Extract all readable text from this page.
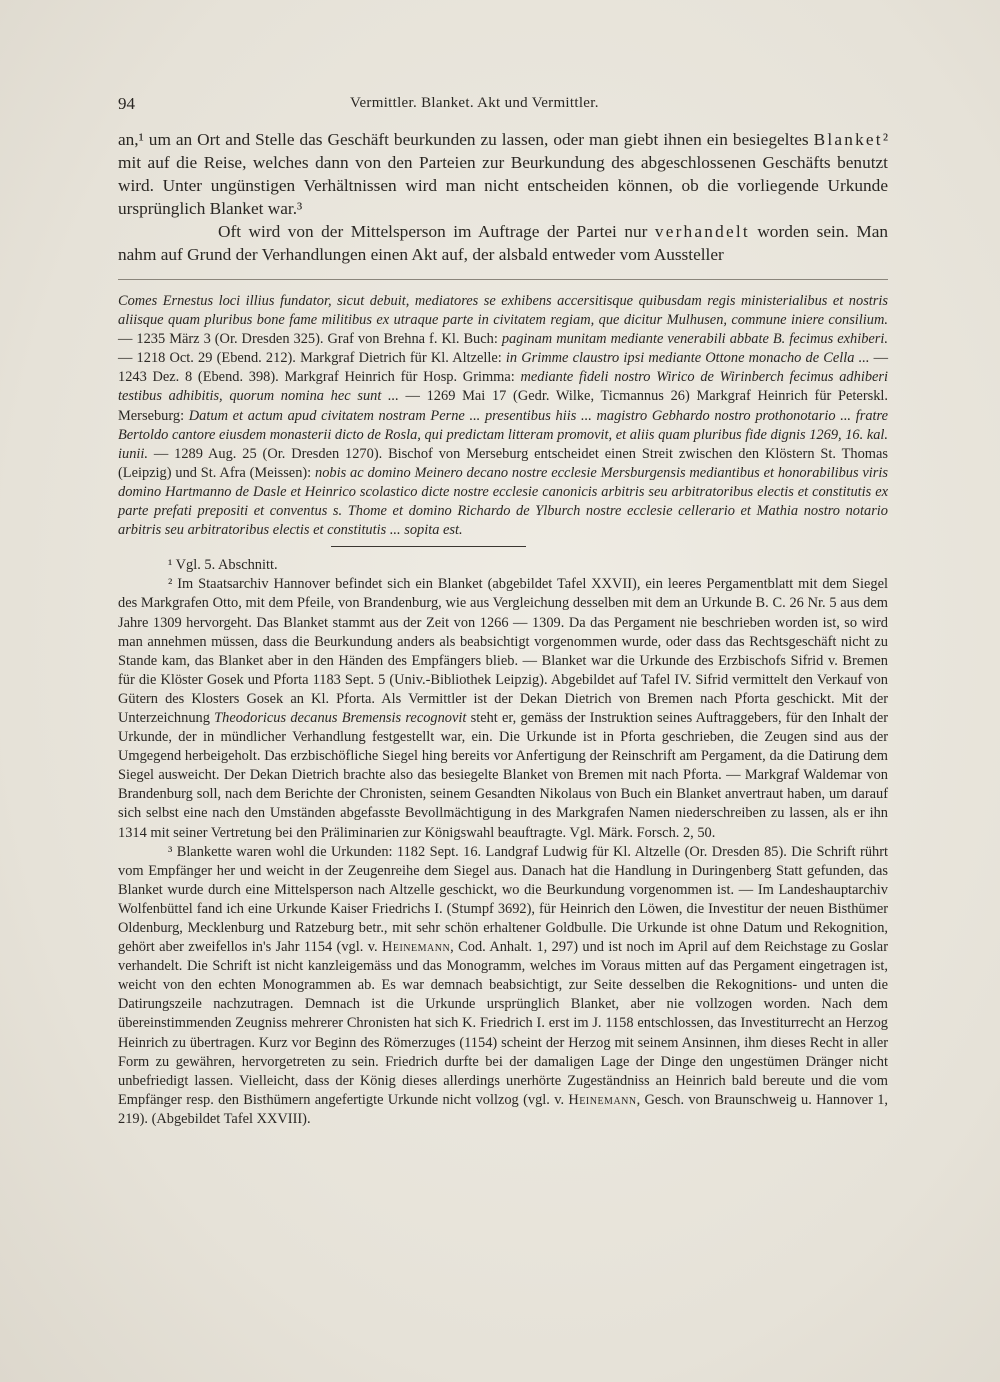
94	Vermittler. Blanket. Akt und Vermittler.

an,¹ um an Ort and Stelle das Geschäft beurkunden zu lassen, oder man giebt ihnen ein besiegeltes Blanket² mit auf die Reise, welches dann von den Parteien zur Beurkundung des abgeschlossenen Geschäfts benutzt wird. Unter ungünstigen Verhältnissen wird man nicht entscheiden können, ob die vorliegende Urkunde ursprünglich Blanket war.³

Oft wird von der Mittelsperson im Auftrage der Partei nur verhandelt worden sein. Man nahm auf Grund der Verhandlungen einen Akt auf, der alsbald entweder vom Aussteller

Comes Ernestus loci illius fundator, sicut debuit, mediatores se exhibens accersitisque quibusdam regis ministerialibus et nostris aliisque quam pluribus bone fame militibus ex utraque parte in civitatem regiam, que dicitur Mulhusen, commune iniere consilium. — 1235 März 3 (Or. Dresden 325). Graf von Brehna f. Kl. Buch: paginam munitam mediante venerabili abbate B. fecimus exhiberi. — 1218 Oct. 29 (Ebend. 212). Markgraf Dietrich für Kl. Altzelle: in Grimme claustro ipsi mediante Ottone monacho de Cella ... — 1243 Dez. 8 (Ebend. 398). Markgraf Heinrich für Hosp. Grimma: mediante fideli nostro Wirico de Wirinberch fecimus adhiberi testibus adhibitis, quorum nomina hec sunt ... — 1269 Mai 17 (Gedr. Wilke, Ticmannus 26) Markgraf Heinrich für Peterskl. Merseburg: Datum et actum apud civitatem nostram Perne ... presentibus hiis ... magistro Gebhardo nostro prothonotario ... fratre Bertoldo cantore eiusdem monasterii dicto de Rosla, qui predictam litteram promovit, et aliis quam pluribus fide dignis 1269, 16. kal. iunii. — 1289 Aug. 25 (Or. Dresden 1270). Bischof von Merseburg entscheidet einen Streit zwischen den Klöstern St. Thomas (Leipzig) und St. Afra (Meissen): nobis ac domino Meinero decano nostre ecclesie Mersburgensis mediantibus et honorabilibus viris domino Hartmanno de Dasle et Heinrico scolastico dicte nostre ecclesie canonicis arbitris seu arbitratoribus electis et constitutis ex parte prefati prepositi et conventus s. Thome et domino Richardo de Ylburch nostre ecclesie cellerario et Mathia nostro notario arbitris seu arbitratoribus electis et constitutis ... sopita est.

¹ Vgl. 5. Abschnitt.

² Im Staatsarchiv Hannover befindet sich ein Blanket (abgebildet Tafel XXVII), ein leeres Pergamentblatt mit dem Siegel des Markgrafen Otto, mit dem Pfeile, von Brandenburg, wie aus Vergleichung desselben mit dem an Urkunde B. C. 26 Nr. 5 aus dem Jahre 1309 hervorgeht. Das Blanket stammt aus der Zeit von 1266 — 1309. Da das Pergament nie beschrieben worden ist, so wird man annehmen müssen, dass die Beurkundung anders als beabsichtigt vorgenommen wurde, oder dass das Rechtsgeschäft nicht zu Stande kam, das Blanket aber in den Händen des Empfängers blieb. — Blanket war die Urkunde des Erzbischofs Sifrid v. Bremen für die Klöster Gosek und Pforta 1183 Sept. 5 (Univ.-Bibliothek Leipzig). Abgebildet auf Tafel IV. Sifrid vermittelt den Verkauf von Gütern des Klosters Gosek an Kl. Pforta. Als Vermittler ist der Dekan Dietrich von Bremen nach Pforta geschickt. Mit der Unterzeichnung Theodoricus decanus Bremensis recognovit steht er, gemäss der Instruktion seines Auftraggebers, für den Inhalt der Urkunde, der in mündlicher Verhandlung festgestellt war, ein. Die Urkunde ist in Pforta geschrieben, die Zeugen sind aus der Umgegend herbeigeholt. Das erzbischöfliche Siegel hing bereits vor Anfertigung der Reinschrift am Pergament, da die Datirung dem Siegel ausweicht. Der Dekan Dietrich brachte also das besiegelte Blanket von Bremen mit nach Pforta. — Markgraf Waldemar von Brandenburg soll, nach dem Berichte der Chronisten, seinem Gesandten Nikolaus von Buch ein Blanket anvertraut haben, um darauf sich selbst eine nach den Umständen abgefasste Bevollmächtigung in des Markgrafen Namen niederschreiben zu lassen, als er ihn 1314 mit seiner Vertretung bei den Präliminarien zur Königswahl beauftragte. Vgl. Märk. Forsch. 2, 50.

³ Blankette waren wohl die Urkunden: 1182 Sept. 16. Landgraf Ludwig für Kl. Altzelle (Or. Dresden 85). Die Schrift rührt vom Empfänger her und weicht in der Zeugenreihe dem Siegel aus. Danach hat die Handlung in Duringenberg Statt gefunden, das Blanket wurde durch eine Mittelsperson nach Altzelle geschickt, wo die Beurkundung vorgenommen ist. — Im Landeshauptarchiv Wolfenbüttel fand ich eine Urkunde Kaiser Friedrichs I. (Stumpf 3692), für Heinrich den Löwen, die Investitur der neuen Bisthümer Oldenburg, Mecklenburg und Ratzeburg betr., mit sehr schön erhaltener Goldbulle. Die Urkunde ist ohne Datum und Rekognition, gehört aber zweifellos in's Jahr 1154 (vgl. v. Heinemann, Cod. Anhalt. 1, 297) und ist noch im April auf dem Reichstage zu Goslar verhandelt. Die Schrift ist nicht kanzleigemäss und das Monogramm, welches im Voraus mitten auf das Pergament eingetragen ist, weicht von den echten Monogrammen ab. Es war demnach beabsichtigt, zur Seite desselben die Rekognitions- und unten die Datirungszeile nachzutragen. Demnach ist die Urkunde ursprünglich Blanket, aber nie vollzogen worden. Nach dem übereinstimmenden Zeugniss mehrerer Chronisten hat sich K. Friedrich I. erst im J. 1158 entschlossen, das Investiturrecht an Herzog Heinrich zu übertragen. Kurz vor Beginn des Römerzuges (1154) scheint der Herzog mit seinem Ansinnen, ihm dieses Recht in aller Form zu gewähren, hervorgetreten zu sein. Friedrich durfte bei der damaligen Lage der Dinge den ungestümen Dränger nicht unbefriedigt lassen. Vielleicht, dass der König dieses allerdings unerhörte Zugeständniss an Heinrich bald bereute und die vom Empfänger resp. den Bisthümern angefertigte Urkunde nicht vollzog (vgl. v. Heinemann, Gesch. von Braunschweig u. Hannover 1, 219). (Abgebildet Tafel XXVIII).
